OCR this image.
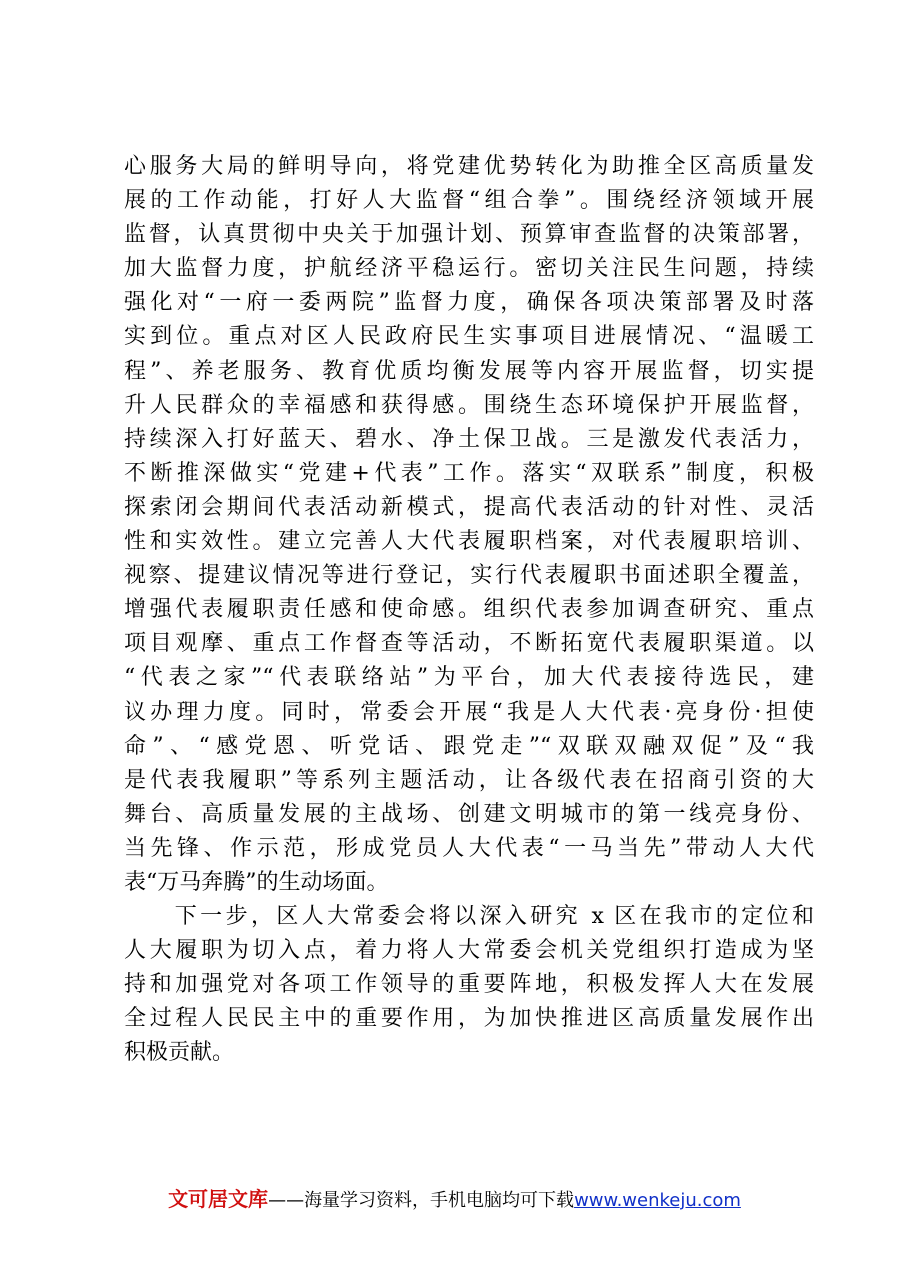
心服务大局的鲜明导向，将党建优势转化为助推全区高质量发
展的工作动能，打好人大监督“组合拳”。围绕经济领域开展
监督，认真贯彻中央关于加强计划、预算审查监督的决策部署，
加大监督力度，护航经济平稳运行。密切关注民生问题，持续
强化对“一府一委两院”监督力度，确保各项决策部署及时落
实到位。重点对区人民政府民生实事项目进展情况、“温暖工
程”、养老服务、教育优质均衡发展等内容开展监督，切实提
升人民群众的幸福感和获得感。围绕生态环境保护开展监督，
持续深入打好蓝天、碧水、净土保卫战。三是激发代表活力，
不断推深做实“党建+代表”工作。落实“双联系”制度，积极
探索闭会期间代表活动新模式，提高代表活动的针对性、灵活
性和实效性。建立完善人大代表履职档案，对代表履职培训、
视察、提建议情况等进行登记，实行代表履职书面述职全覆盖，
增强代表履职责任感和使命感。组织代表参加调查研究、重点
项目观摩、重点工作督查等活动，不断拓宽代表履职渠道。以
“代表之家”“代表联络站”为平台，加大代表接待选民，建
议办理力度。同时，常委会开展“我是人大代表·亮身份·担使
命”、“感党恩、听党话、跟党走”“双联双融双促”及“我
是代表我履职”等系列主题活动，让各级代表在招商引资的大
舞台、高质量发展的主战场、创建文明城市的第一线亮身份、
当先锋、作示范，形成党员人大代表“一马当先”带动人大代
表“万马奔腾”的生动场面。
　　下一步，区人大常委会将以深入研究 x 区在我市的定位和
人大履职为切入点，着力将人大常委会机关党组织打造成为坚
持和加强党对各项工作领导的重要阵地，积极发挥人大在发展
全过程人民民主中的重要作用，为加快推进区高质量发展作出
积极贡献。
文可居文库——海量学习资料，手机电脑均可下载www.wenkeju.com
